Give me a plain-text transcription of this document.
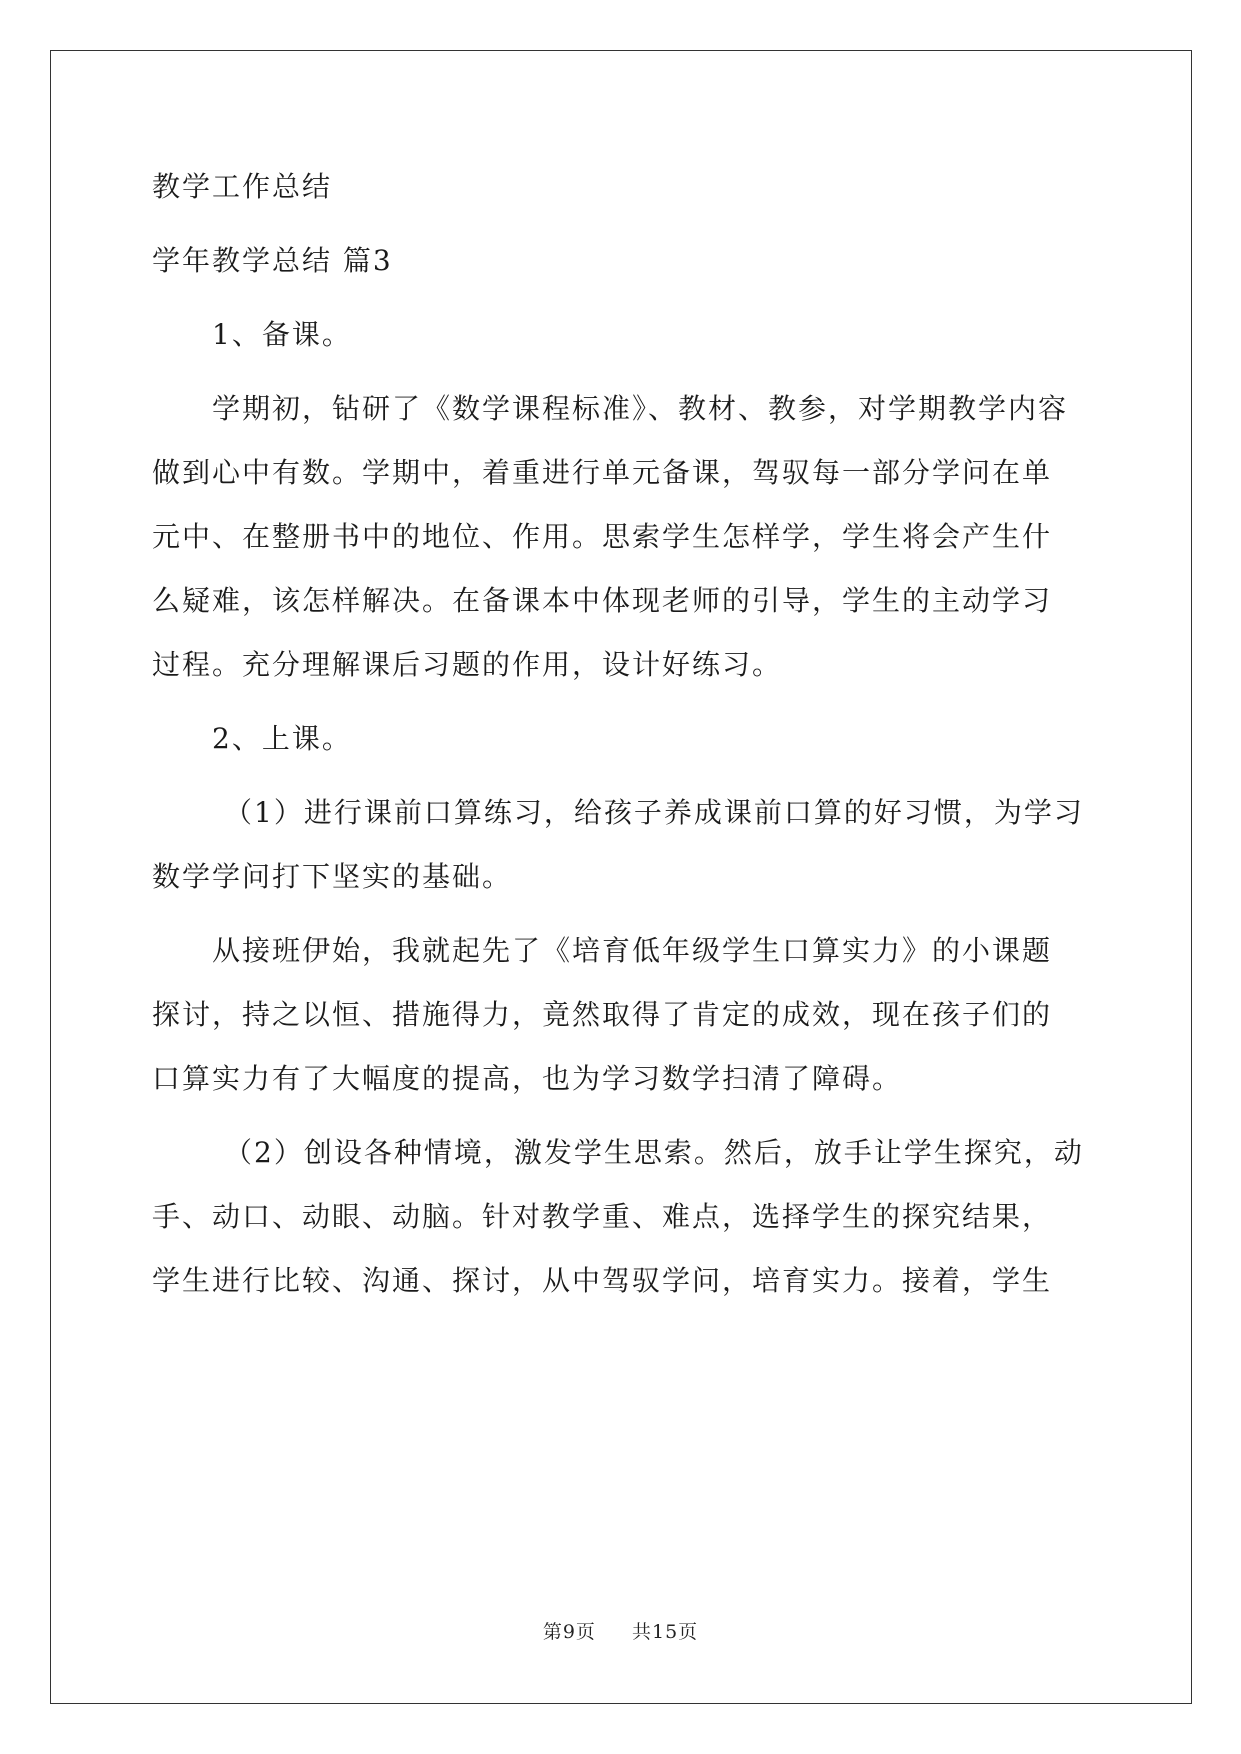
教学工作总结
学年教学总结 篇3
1、备课。
学期初，钻研了《数学课程标准》、教材、教参，对学期教学内容
做到心中有数。学期中，着重进行单元备课，驾驭每一部分学问在单
元中、在整册书中的地位、作用。思索学生怎样学，学生将会产生什
么疑难，该怎样解决。在备课本中体现老师的引导，学生的主动学习
过程。充分理解课后习题的作用，设计好练习。
2、上课。
（1）进行课前口算练习，给孩子养成课前口算的好习惯，为学习
数学学问打下坚实的基础。
从接班伊始，我就起先了《培育低年级学生口算实力》的小课题
探讨，持之以恒、措施得力，竟然取得了肯定的成效，现在孩子们的
口算实力有了大幅度的提高，也为学习数学扫清了障碍。
（2）创设各种情境，激发学生思索。然后，放手让学生探究，动
手、动口、动眼、动脑。针对教学重、难点，选择学生的探究结果，
学生进行比较、沟通、探讨，从中驾驭学问，培育实力。接着，学生
第9页 共15页
